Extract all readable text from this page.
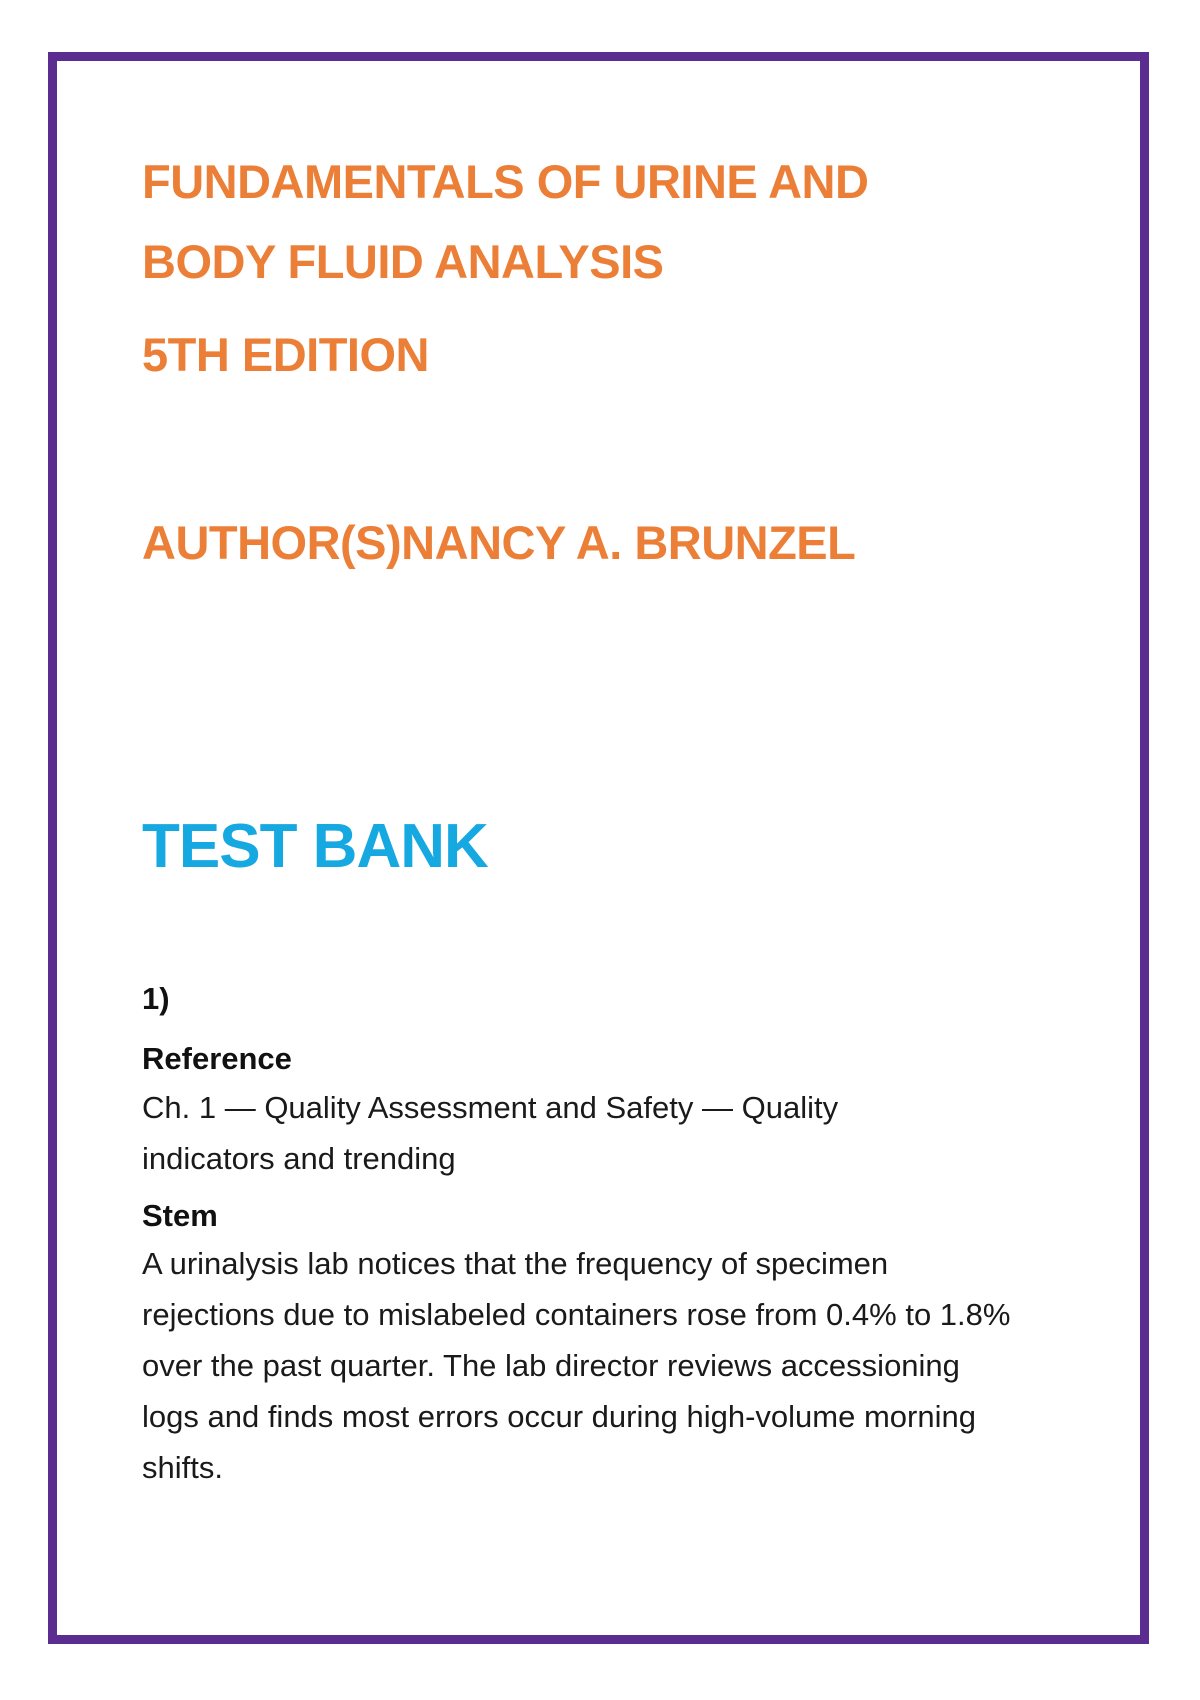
FUNDAMENTALS OF URINE AND
BODY FLUID ANALYSIS
5TH EDITION
AUTHOR(S)NANCY A. BRUNZEL
TEST BANK
1)
Reference

Ch. 1 — Quality Assessment and Safety — Quality indicators and trending

Stem

A urinalysis lab notices that the frequency of specimen rejections due to mislabeled containers rose from 0.4% to 1.8% over the past quarter. The lab director reviews accessioning logs and finds most errors occur during high-volume morning shifts.
